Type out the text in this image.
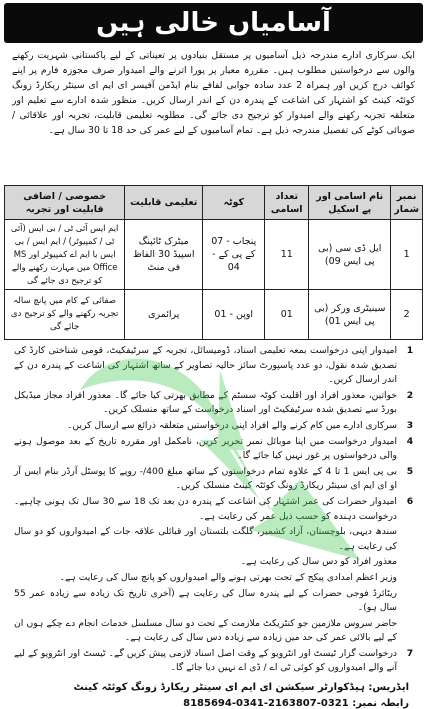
آسامیاں خالی ہیں
ایک سرکاری ادارے مندرجہ ذیل آسامیوں پر مستقل بنیادوں پر تعیناتی کے لیے پاکستانی شہریت رکھنے والوں سے درخواستیں مطلوب ہیں۔ مقررہ معیار پر پورا اترنے والے امیدوار صرف مجوزہ فارم پر اپنے کوائف درج کریں اور ہمراہ 2 عدد سادہ جوابی لفافے بنام ایڈمن آفیسر ای ایم ای سینٹر ریکارڈ زونگ کوئٹہ کینٹ کو اشتہار کی اشاعت کے پندرہ دن کے اندر ارسال کریں۔ منظور شدہ ادارے سے تعلیم اور متعلقہ تجربہ رکھنے والے امیدوار کو ترجیح دی جائے گی۔ مطلوبہ تعلیمی قابلیت، تجربہ اور علاقائی / صوبائی کوٹے کی تفصیل مندرجہ ذیل ہے۔ تمام آسامیوں کے لیے عمر کی حد 18 تا 30 سال ہے۔
نمبر شمار	نام اسامی اور پے اسکیل	تعداد اسامی	کوٹہ	تعلیمی قابلیت	خصوصی / اضافی قابلیت اور تجربہ
1	ایل ڈی سی (بی پی ایس 09)	11	پنجاب - 07 کے پی کے - 04	میٹرک ٹائپنگ اسپیڈ 30 الفاظ فی منٹ	ایم ایس آئی ٹی / بی ایس (آئی ٹی / کمپیوٹر) / ایم ایس / بی ایس یا ایم اے کمپیوٹر اور MS Office میں مہارت رکھنے والے کو ترجیح دی جائے گی
2	سینیٹری ورکر (بی پی ایس 01)	01	اوپن - 01	پرائمری	صفائی کے کام میں پانچ سالہ تجربہ رکھنے والے کو ترجیح دی جائے گی
1
امیدوار اپنی درخواست بمعہ تعلیمی اسناد، ڈومیسائل، تجربہ کے سرٹیفکیٹ، قومی شناختی کارڈ کی تصدیق شدہ نقول، دو عدد پاسپورٹ سائز حالیہ تصاویر کے ساتھ اشتہار کی اشاعت کے پندرہ دن کے اندر ارسال کریں۔
2
خواتین، معذور افراد اور اقلیت کوٹہ سسٹم کے مطابق بھرتی کیا جائے گا۔ معذور افراد مجاز میڈیکل بورڈ سے تصدیق شدہ سرٹیفکیٹ اور اسناد درخواست کے ساتھ منسلک کریں۔
3
سرکاری ادارے میں کام کرنے والے افراد اپنی درخواستیں متعلقہ ذرائع سے ارسال کریں۔
4
امیدوار درخواست میں اپنا موبائل نمبر تحریر کریں، نامکمل اور مقررہ تاریخ کے بعد موصول ہونے والی درخواستوں پر غور نہیں کیا جائے گا۔
5
بی پی ایس 1 تا 4 کے علاوہ تمام درخواستوں کے ساتھ مبلغ 400/- روپے کا پوسٹل آرڈر بنام ایس آر او ای ایم ای سینٹر ریکارڈ زونگ کوئٹہ کینٹ منسلک کریں۔
6
امیدوار حضرات کی عمر اشتہار کی اشاعت کے پندرہ دن بعد تک 18 سے 30 سال تک ہونی چاہیے۔ درخواست دہندہ کو حسب ذیل عمر کی رعایت ہے۔
سندھ دیہی، بلوچستان، آزاد کشمیر، گلگت بلتستان اور قبائلی علاقہ جات کے امیدواروں کو دو سال کی رعایت ہے۔
معذور افراد کو دس سال کی رعایت ہے۔
وزیر اعظم امدادی پیکج کے تحت بھرتی ہونے والے امیدواروں کو پانچ سال کی رعایت ہے۔
ریٹائرڈ فوجی حضرات کے لیے پندرہ سال کی رعایت ہے (آخری تاریخ تک زیادہ سے زیادہ عمر 55 سال ہو)۔
حاضر سروس ملازمین جو کنٹریکٹ ملازمت کے تحت دو سال مسلسل خدمات انجام دے چکے ہوں ان کے لیے بالائی عمر کی حد میں زیادہ سے زیادہ دس سال کی رعایت ہے۔
7
درخواست گزار ٹیسٹ اور انٹرویو کے وقت اصل اسناد لازمی پیش کریں گے۔ ٹیسٹ اور انٹرویو کے لیے آنے والے امیدواروں کو کوئی ٹی اے / ڈی اے نہیں دیا جائے گا۔
ایڈریس: ہیڈکوارٹر سیکشن ای ایم ای سینٹر ریکارڈ زونگ کوئٹہ کینٹ
رابطہ نمبر: 0321-2163807-0341-8185694
